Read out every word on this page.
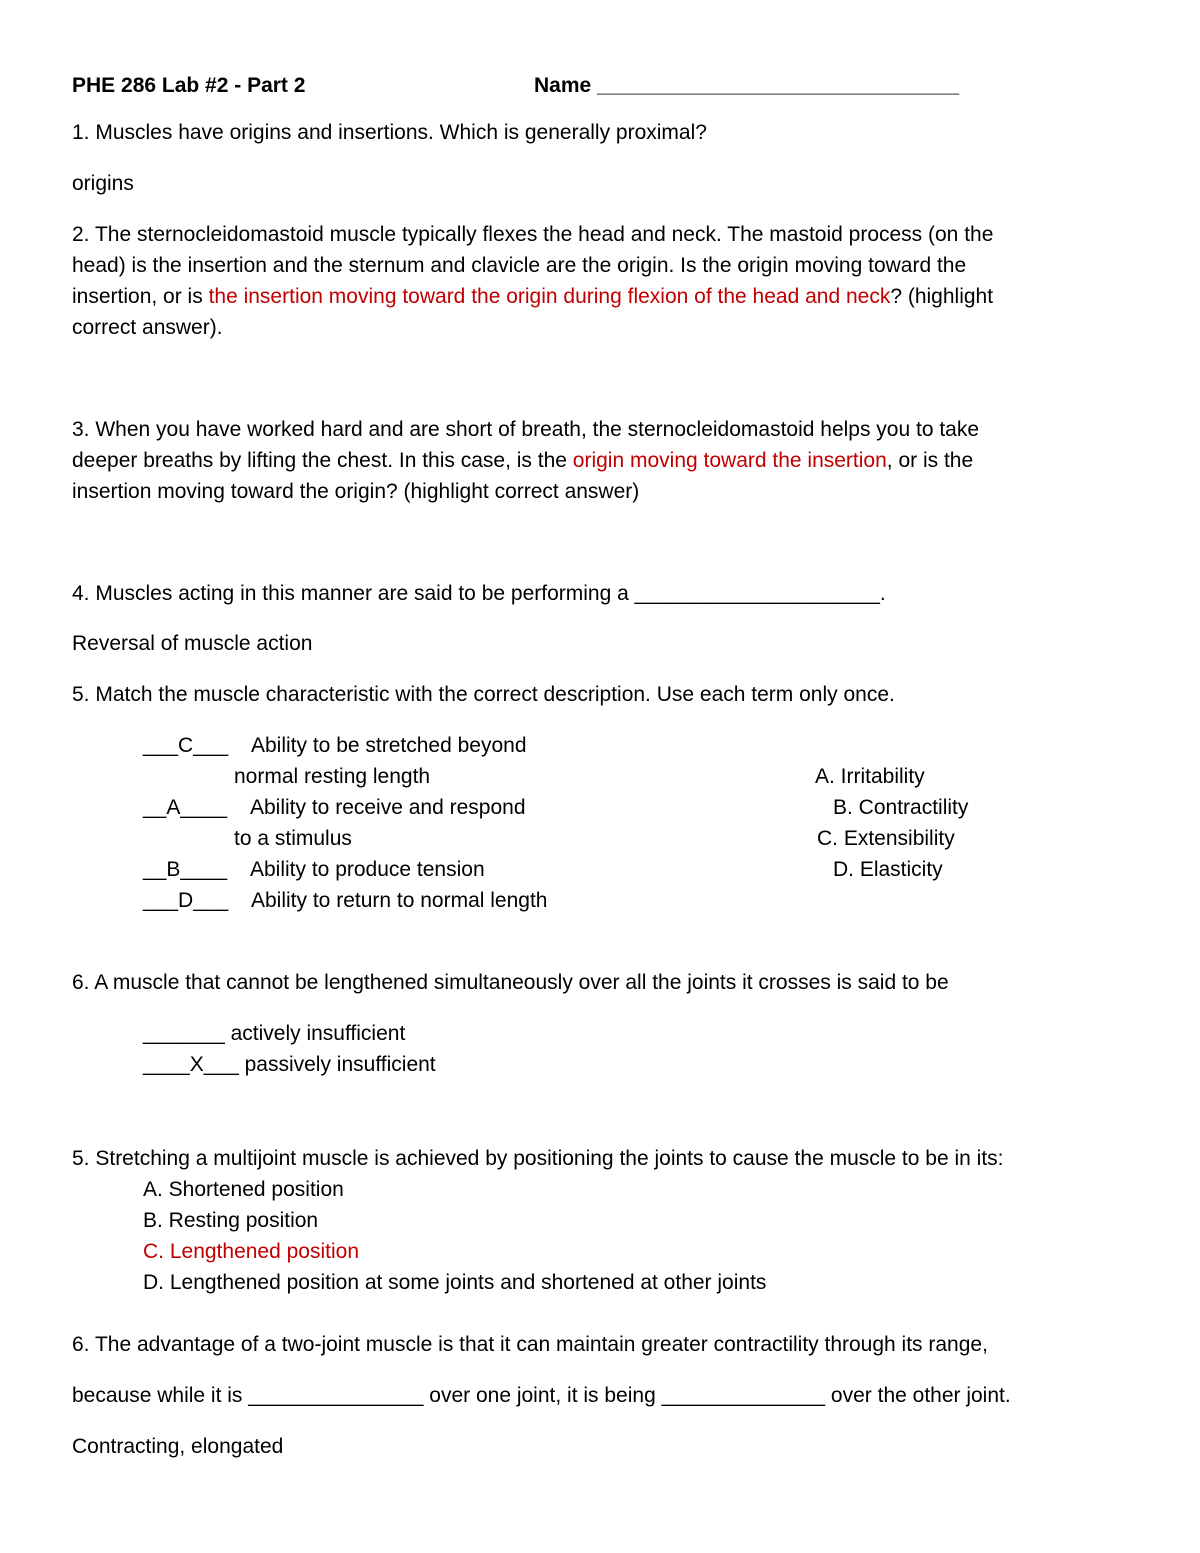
PHE 286 Lab #2 - Part 2	Name _______________________________
1. Muscles have origins and insertions. Which is generally proximal?
origins
2. The sternocleidomastoid muscle typically flexes the head and neck. The mastoid process (on the
head) is the insertion and the sternum and clavicle are the origin. Is the origin moving toward the
insertion, or is the insertion moving toward the origin during flexion of the head and neck? (highlight
correct answer).
3. When you have worked hard and are short of breath, the sternocleidomastoid helps you to take
deeper breaths by lifting the chest. In this case, is the origin moving toward the insertion, or is the
insertion moving toward the origin? (highlight correct answer)
4. Muscles acting in this manner are said to be performing a _____________________.
Reversal of muscle action
5. Match the muscle characteristic with the correct description. Use each term only once.
___C___ Ability to be stretched beyond
normal resting length
__A____ Ability to receive and respond
to a stimulus
__B____ Ability to produce tension
___D___ Ability to return to normal length
A. Irritability
B. Contractility
C. Extensibility
D. Elasticity
6. A muscle that cannot be lengthened simultaneously over all the joints it crosses is said to be
_______ actively insufficient
____X___ passively insufficient
5. Stretching a multijoint muscle is achieved by positioning the joints to cause the muscle to be in its:
A. Shortened position
B. Resting position
C. Lengthened position
D. Lengthened position at some joints and shortened at other joints
6. The advantage of a two-joint muscle is that it can maintain greater contractility through its range,
because while it is _______________ over one joint, it is being ______________ over the other joint.
Contracting, elongated
